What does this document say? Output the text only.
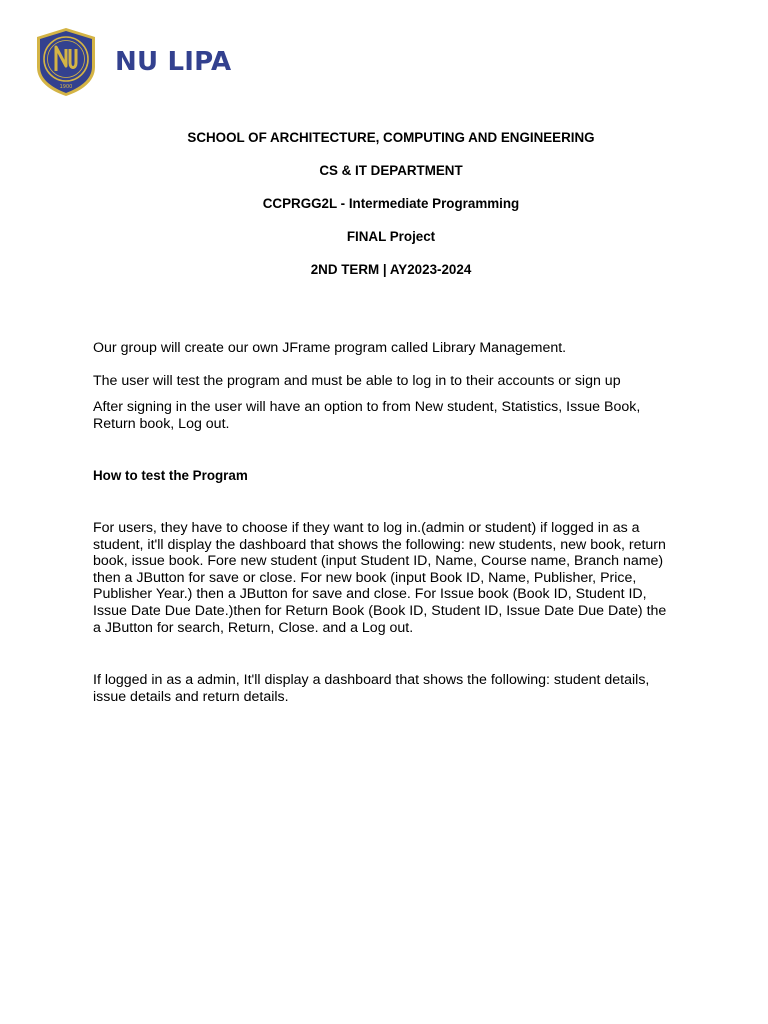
1900
NU LIPA
SCHOOL OF ARCHITECTURE, COMPUTING AND ENGINEERING
CS & IT DEPARTMENT
CCPRGG2L - Intermediate Programming
FINAL Project
2ND TERM | AY2023-2024
Our group will create our own JFrame program called Library Management.
The user will test the program and must be able to log in to their accounts or sign up
After signing in the user will have an option to from New student, Statistics, Issue Book, Return book, Log out.
How to test the Program
For users, they have to choose if they want to log in.(admin or student) if logged in as a student, it'll display the dashboard that shows the following: new students, new book, return book, issue book. Fore new student (input Student ID, Name, Course name, Branch name) then a JButton for save or close. For new book (input Book ID, Name, Publisher, Price, Publisher Year.) then a JButton for save and close. For Issue book (Book ID, Student ID, Issue Date Due Date.)then for Return Book (Book ID, Student ID, Issue Date Due Date) the a JButton for search, Return, Close. and a Log out.
If logged in as a admin, It'll display a dashboard that shows the following: student details, issue details and return details.
